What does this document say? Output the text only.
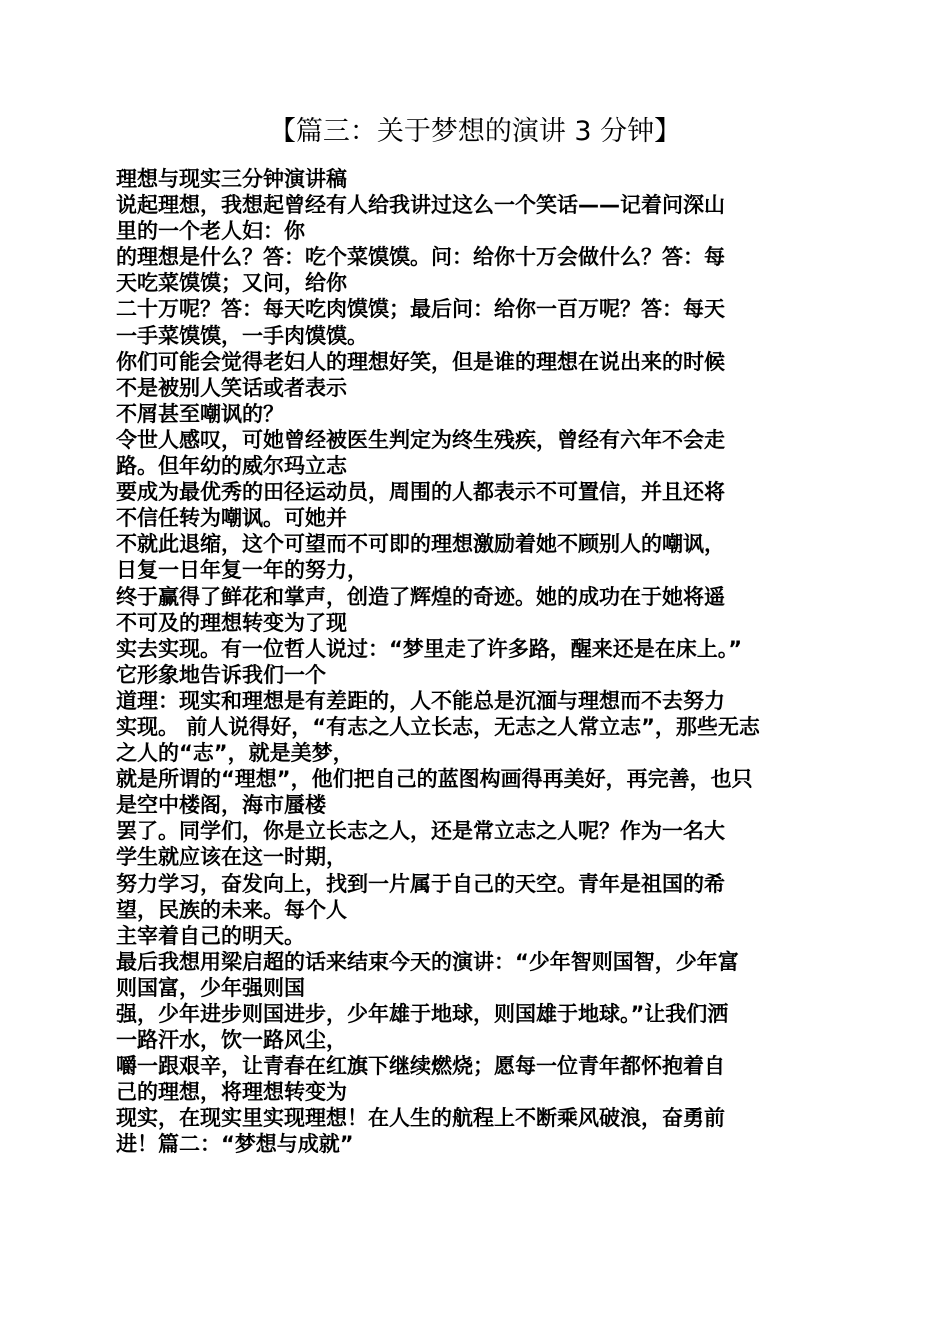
【篇三：关于梦想的演讲 3 分钟】
理想与现实三分钟演讲稿
说起理想，我想起曾经有人给我讲过这么一个笑话——记着问深山
里的一个老人妇：你
的理想是什么？答：吃个菜馍馍。问：给你十万会做什么？答：每
天吃菜馍馍；又问，给你
二十万呢？答：每天吃肉馍馍；最后问：给你一百万呢？答：每天
一手菜馍馍，一手肉馍馍。
你们可能会觉得老妇人的理想好笑，但是谁的理想在说出来的时候
不是被别人笑话或者表示
不屑甚至嘲讽的？
令世人感叹，可她曾经被医生判定为终生残疾，曾经有六年不会走
路。但年幼的威尔玛立志
要成为最优秀的田径运动员，周围的人都表示不可置信，并且还将
不信任转为嘲讽。可她并
不就此退缩，这个可望而不可即的理想激励着她不顾别人的嘲讽，
日复一日年复一年的努力，
终于赢得了鲜花和掌声，创造了辉煌的奇迹。她的成功在于她将遥
不可及的理想转变为了现
实去实现。有一位哲人说过：“梦里走了许多路，醒来还是在床上。”
它形象地告诉我们一个
道理：现实和理想是有差距的，人不能总是沉湎与理想而不去努力
实现。 前人说得好，“有志之人立长志，无志之人常立志”，那些无志
之人的“志”，就是美梦，
就是所谓的“理想”，他们把自己的蓝图构画得再美好，再完善，也只
是空中楼阁，海市蜃楼
罢了。同学们，你是立长志之人，还是常立志之人呢？作为一名大
学生就应该在这一时期，
努力学习，奋发向上，找到一片属于自己的天空。青年是祖国的希
望，民族的未来。每个人
主宰着自己的明天。
最后我想用梁启超的话来结束今天的演讲：“少年智则国智，少年富
则国富，少年强则国
强，少年进步则国进步，少年雄于地球，则国雄于地球。”让我们洒
一路汗水，饮一路风尘，
嚼一跟艰辛，让青春在红旗下继续燃烧；愿每一位青年都怀抱着自
己的理想，将理想转变为
现实，在现实里实现理想！在人生的航程上不断乘风破浪，奋勇前
进！篇二：“梦想与成就”
